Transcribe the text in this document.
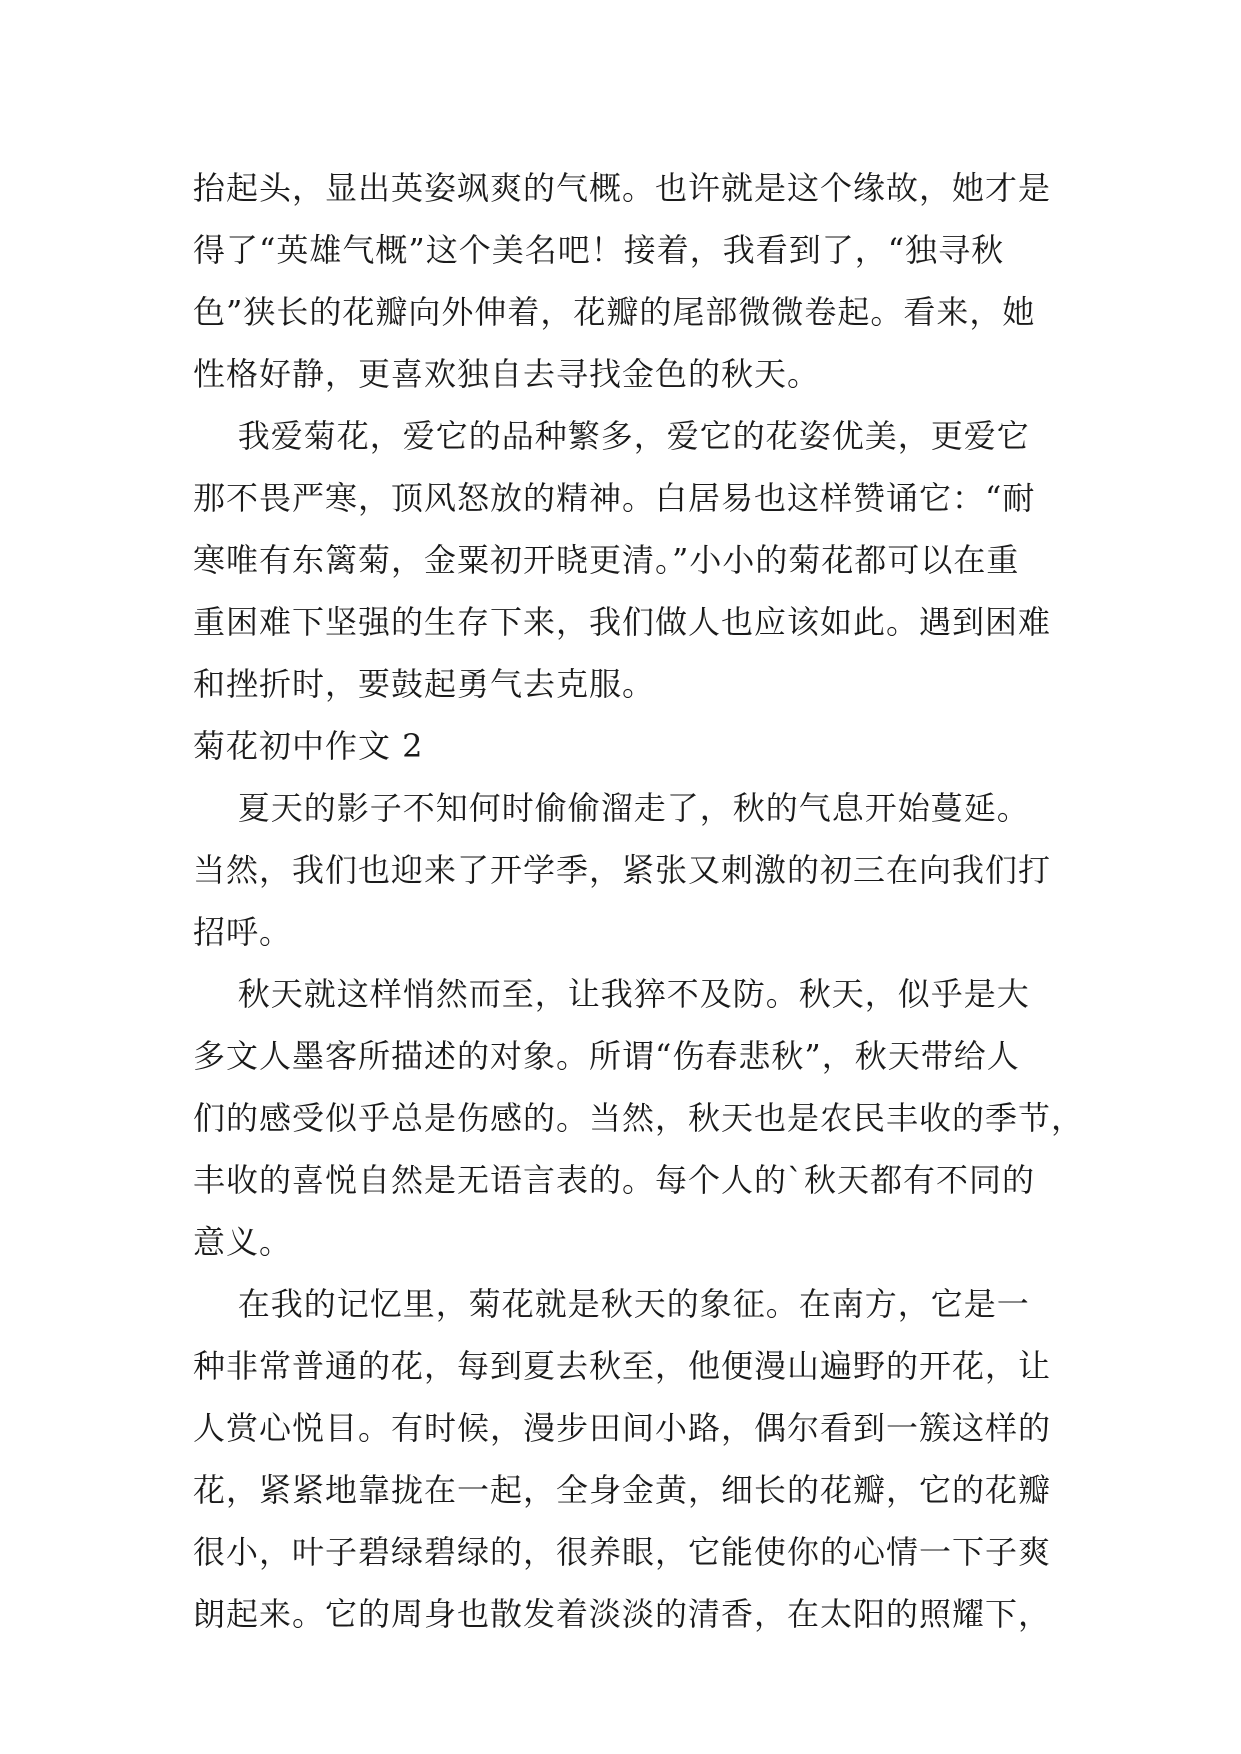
抬起头，显出英姿飒爽的气概。也许就是这个缘故，她才是
得了“英雄气概”这个美名吧！接着，我看到了，“独寻秋
色”狭长的花瓣向外伸着，花瓣的尾部微微卷起。看来，她
性格好静，更喜欢独自去寻找金色的秋天。
我爱菊花，爱它的品种繁多，爱它的花姿优美，更爱它
那不畏严寒，顶风怒放的精神。白居易也这样赞诵它：“耐
寒唯有东篱菊，金粟初开晓更清。”小小的菊花都可以在重
重困难下坚强的生存下来，我们做人也应该如此。遇到困难
和挫折时，要鼓起勇气去克服。
菊花初中作文 2
夏天的影子不知何时偷偷溜走了，秋的气息开始蔓延。
当然，我们也迎来了开学季，紧张又刺激的初三在向我们打
招呼。
秋天就这样悄然而至，让我猝不及防。秋天，似乎是大
多文人墨客所描述的对象。所谓“伤春悲秋”，秋天带给人
们的感受似乎总是伤感的。当然，秋天也是农民丰收的季节，
丰收的喜悦自然是无语言表的。每个人的`秋天都有不同的
意义。
在我的记忆里，菊花就是秋天的象征。在南方，它是一
种非常普通的花，每到夏去秋至，他便漫山遍野的开花，让
人赏心悦目。有时候，漫步田间小路，偶尔看到一簇这样的
花，紧紧地靠拢在一起，全身金黄，细长的花瓣，它的花瓣
很小，叶子碧绿碧绿的，很养眼，它能使你的心情一下子爽
朗起来。它的周身也散发着淡淡的清香，在太阳的照耀下，
